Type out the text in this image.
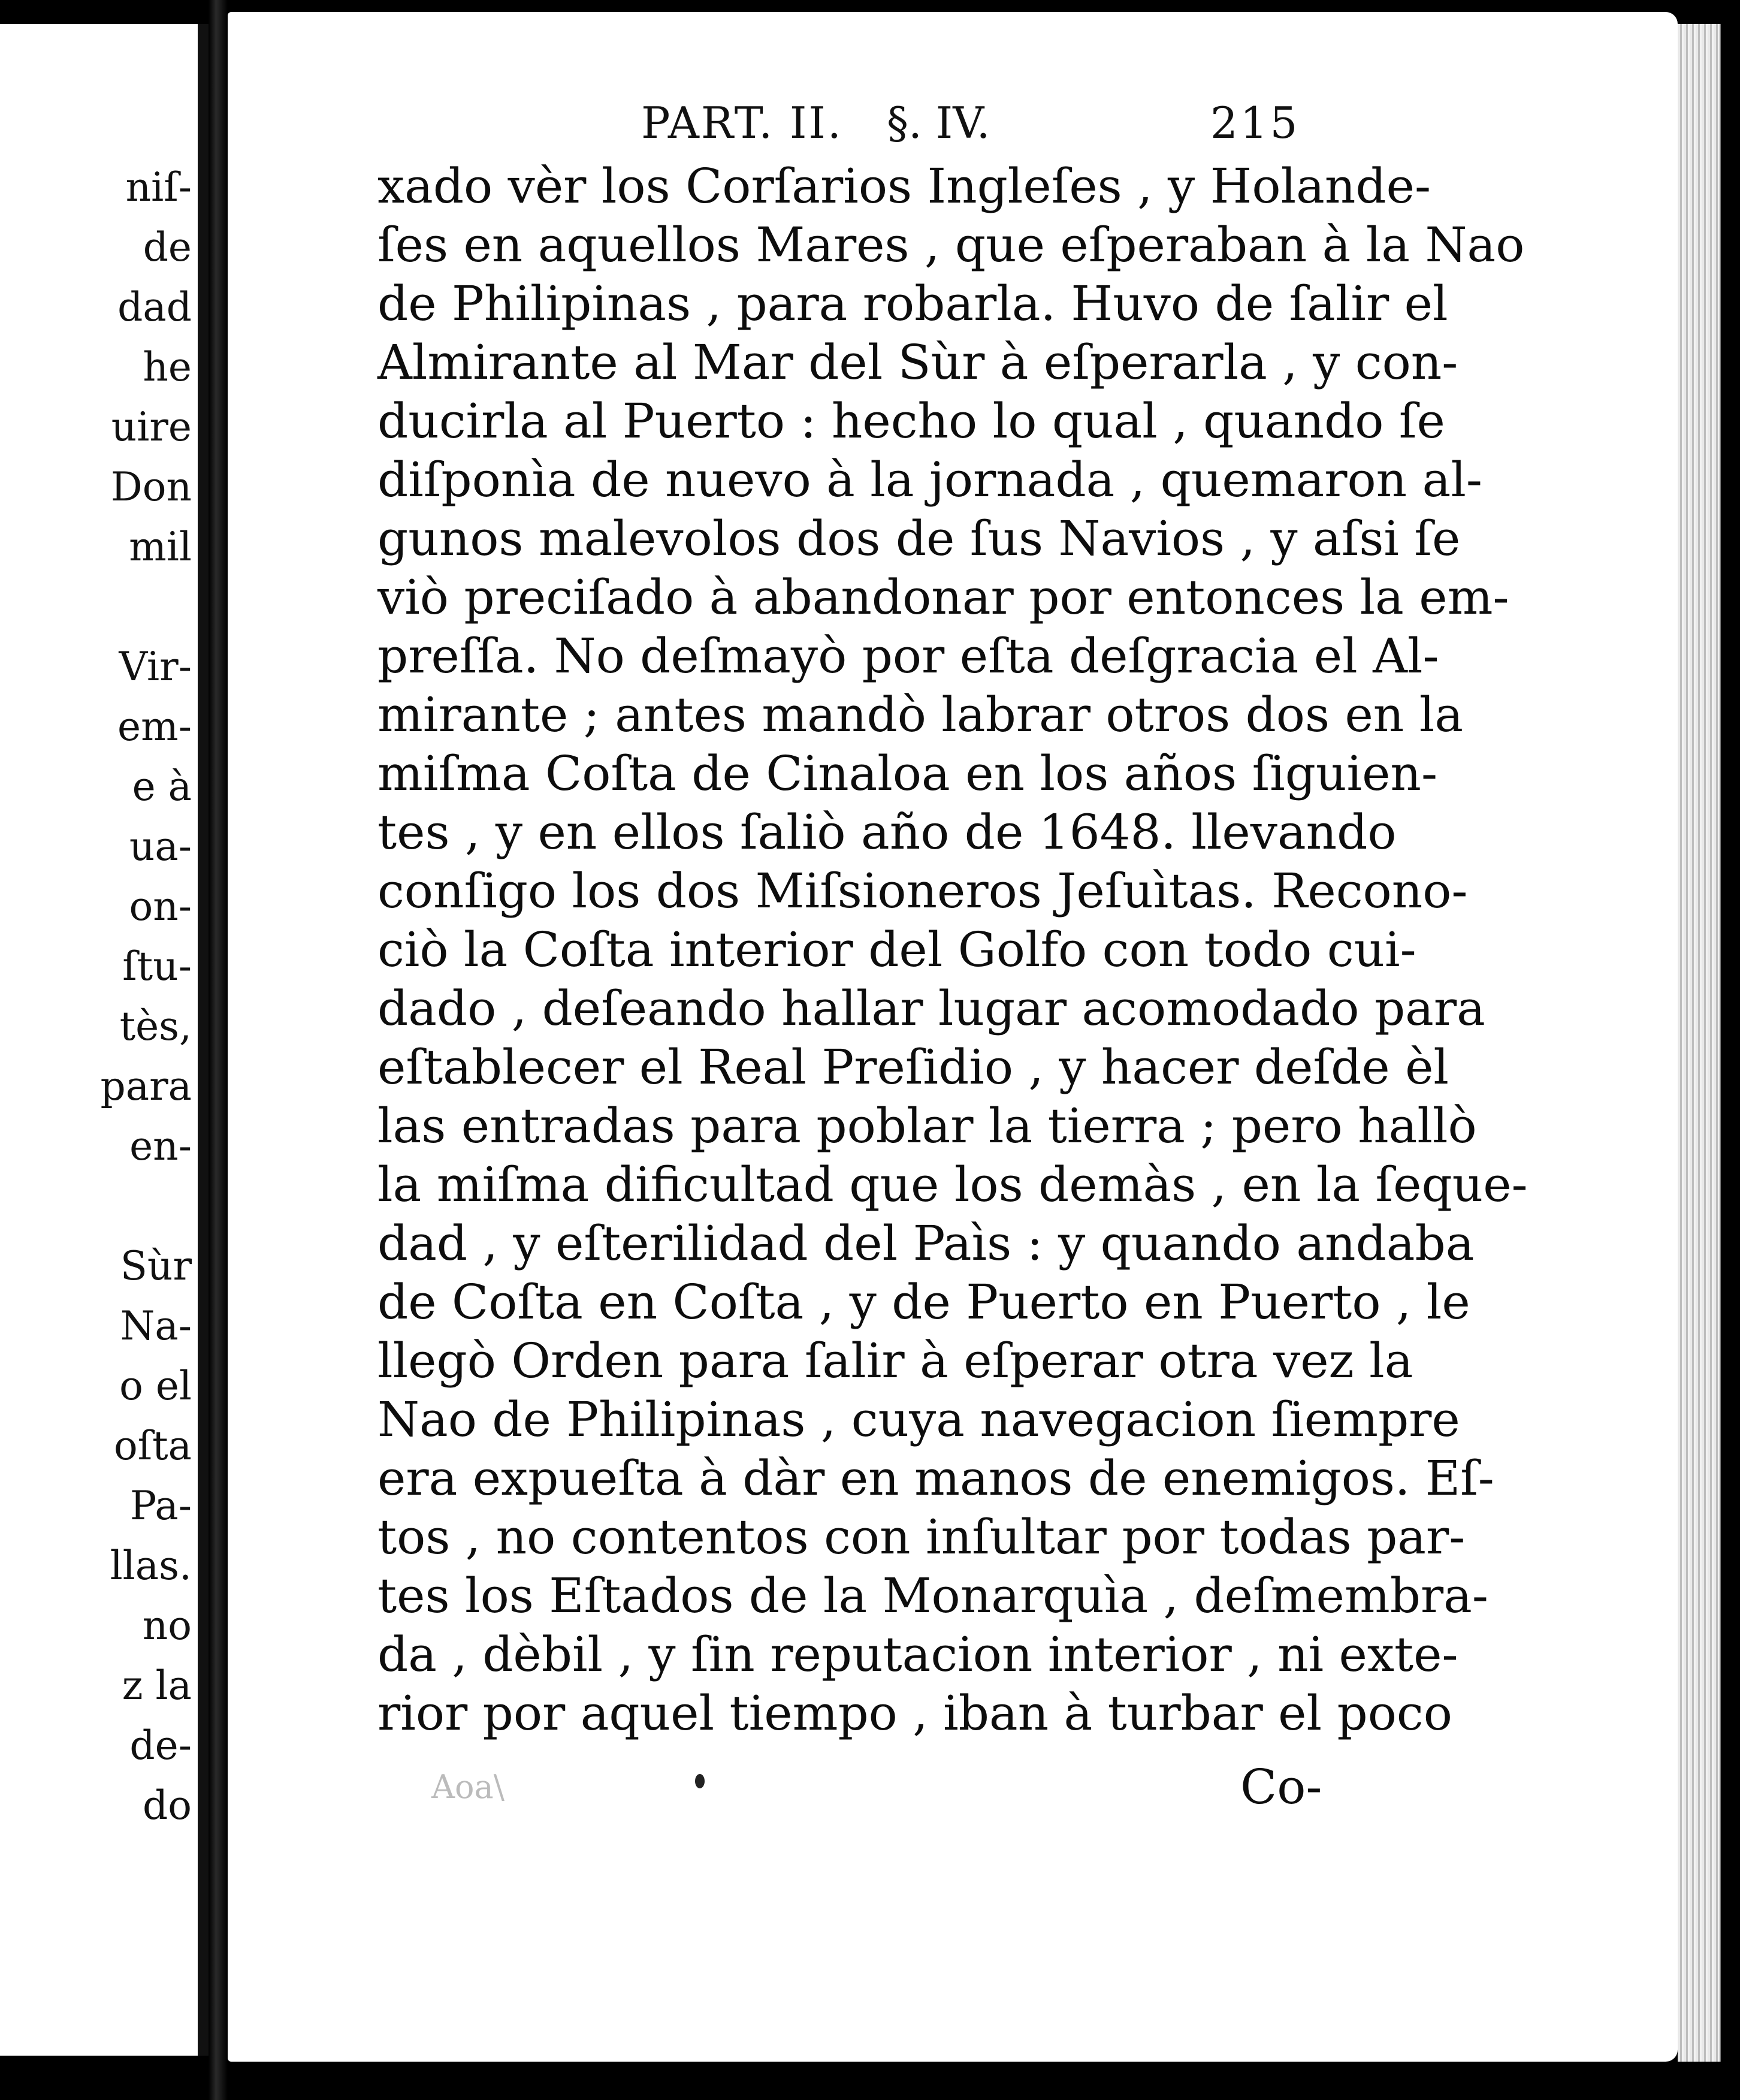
niſ-
de
dad
he
uire
Don
mil
Vir-
em-
e à
ua-
on-
ſtu-
tès,
para
en-
Sùr
Na-
o el
oſta
Pa-
llas.
no
z la
de-
do
PART. II. §. IV.	215
xado vèr los Corſarios Ingleſes , y Holande-
ſes en aquellos Mares , que eſperaban à la Nao
de Philipinas , para robarla. Huvo de ſalir el
Almirante al Mar del Sùr à eſperarla , y con-
ducirla al Puerto : hecho lo qual , quando ſe
diſponìa de nuevo à la jornada , quemaron al-
gunos malevolos dos de ſus Navios , y aſsi ſe
viò preciſado à abandonar por entonces la em-
preſſa. No deſmayò por eſta deſgracia el Al-
mirante ; antes mandò labrar otros dos en la
miſma Coſta de Cinaloa en los años ſiguien-
tes , y en ellos ſaliò año de 1648. llevando
conſigo los dos Miſsioneros Jeſuìtas. Recono-
ciò la Coſta interior del Golfo con todo cui-
dado , deſeando hallar lugar acomodado para
eſtablecer el Real Preſidio , y hacer deſde èl
las entradas para poblar la tierra ; pero hallò
la miſma dificultad que los demàs , en la ſeque-
dad , y eſterilidad del Paìs : y quando andaba
de Coſta en Coſta , y de Puerto en Puerto , le
llegò Orden para ſalir à eſperar otra vez la
Nao de Philipinas , cuya navegacion ſiempre
era expueſta à dàr en manos de enemigos. Eſ-
tos , no contentos con inſultar por todas par-
tes los Eſtados de la Monarquìa , deſmembra-
da , dèbil , y ſin reputacion interior , ni exte-
rior por aquel tiempo , iban à turbar el poco
Aoa\	Co-
